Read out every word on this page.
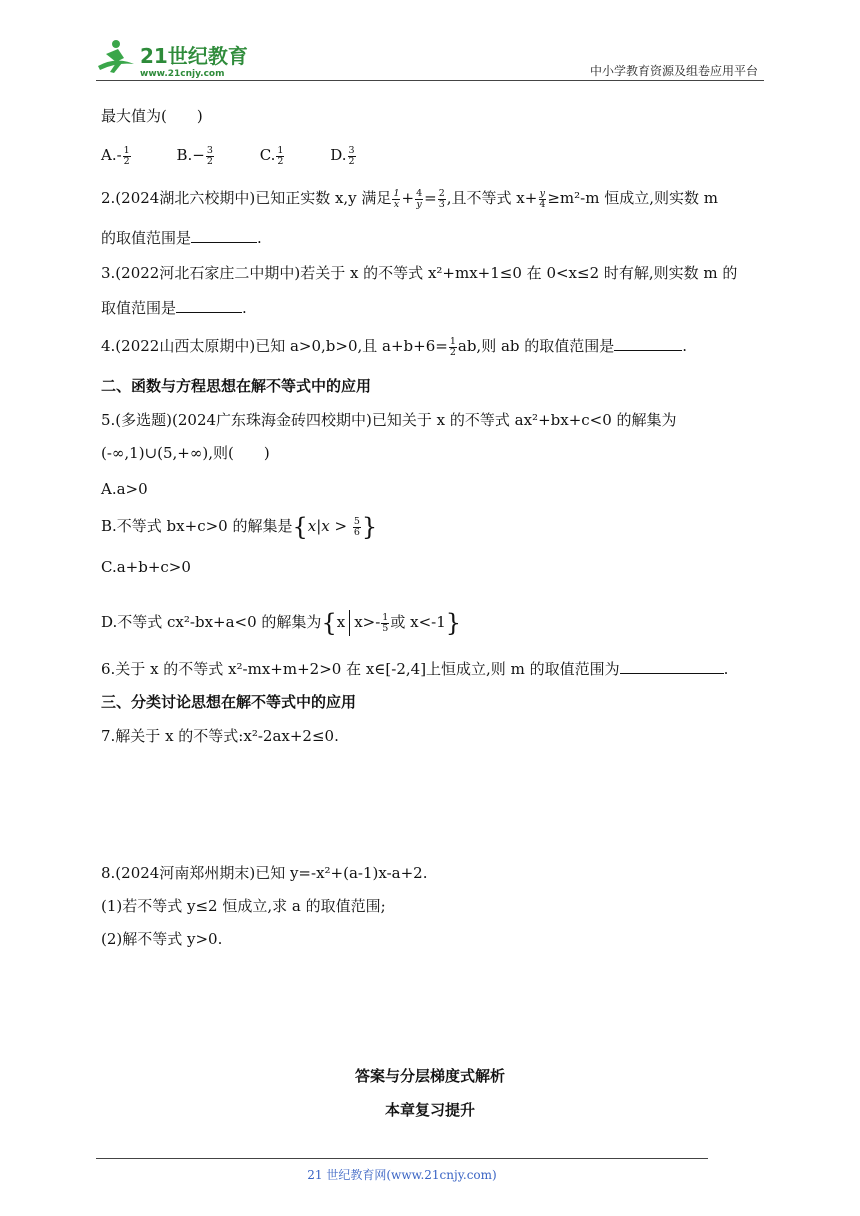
21世纪教育
www.21cnjy.com	中小学教育资源及组卷应用平台
最大值为(　　)
$A.- \frac{1}{2}$	$B.- \frac{3}{2}$	C. $\frac{1}{2}$	D. $\frac{3}{2}$
2.(2024湖北六校期中)已知正实数 x,y 满足 $\frac{1}{x} + \frac{4}{y} = \frac{2}{3}$ ,且不等式 $x+ \frac{y}{4} \ge m^2-m$ 恒成立,则实数 m
的取值范围是	.
3.(2022河北石家庄二中期中)若关于 x 的不等式 x²+mx+1≤0 在 0<x≤2 时有解,则实数 m 的
取值范围是	.
4.(2022山西太原期中)已知 a>0,b>0,且 $a+b+6= \frac{1}{2}$ ab,则 ab 的取值范围是	.
二、函数与方程思想在解不等式中的应用
5.(多选题)(2024广东珠海金砖四校期中)已知关于 x 的不等式 ax²+bx+c<0 的解集为
(-∞,1)∪(5,+∞),则(　　)
A.a>0
B.不等式 bx+c>0 的解集是{$x|x > \frac{5}{6}$ }
C.a+b+c>0
D.不等式 cx²-bx+a<0 的解集为{x $x>- \frac{1}{5}$ 或 x<-1}
6.关于 x 的不等式 x²-mx+m+2>0 在 x∈[-2,4]上恒成立,则 m 的取值范围为	.
三、分类讨论思想在解不等式中的应用
7.解关于 x 的不等式:x²-2ax+2≤0.
8.(2024河南郑州期末)已知 y=-x²+(a-1)x-a+2.
(1)若不等式 y≤2 恒成立,求 a 的取值范围;
(2)解不等式 y>0.
答案与分层梯度式解析
本章复习提升
21 世纪教育网(www.21cnjy.com)
